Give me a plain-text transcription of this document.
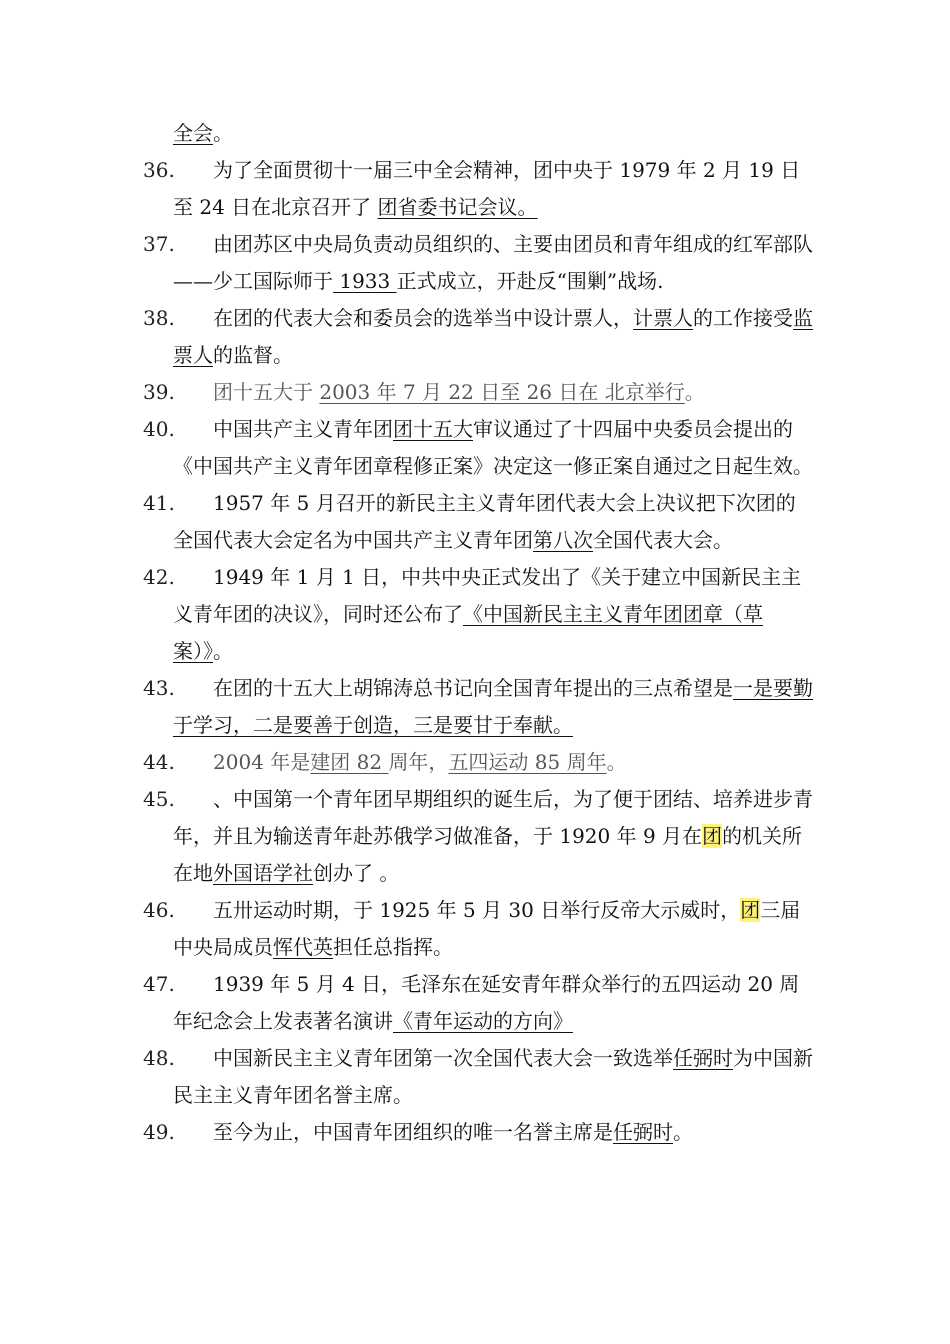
全会。
36.	为了全面贯彻十一届三中全会精神，团中央于 1979 年 2 月 19 日至 24 日在北京召开了 团省委书记会议。
37.	由团苏区中央局负责动员组织的、主要由团员和青年组成的红军部队——少工国际师于 1933 正式成立，开赴反“围剿”战场.
38.	在团的代表大会和委员会的选举当中设计票人，计票人的工作接受监票人的监督。
39.	团十五大于 2003 年 7 月 22 日至 26 日在 北京举行。
40.	中国共产主义青年团团十五大审议通过了十四届中央委员会提出的《中国共产主义青年团章程修正案》决定这一修正案自通过之日起生效。
41.	1957 年 5 月召开的新民主主义青年团代表大会上决议把下次团的全国代表大会定名为中国共产主义青年团第八次全国代表大会。
42.	1949 年 1 月 1 日，中共中央正式发出了《关于建立中国新民主主义青年团的决议》，同时还公布了《中国新民主主义青年团团章（草案）》。
43.	在团的十五大上胡锦涛总书记向全国青年提出的三点希望是一是要勤于学习，二是要善于创造，三是要甘于奉献。
44.	2004 年是建团 82 周年，五四运动 85 周年。
45.	、中国第一个青年团早期组织的诞生后，为了便于团结、培养进步青年，并且为输送青年赴苏俄学习做准备，于 1920 年 9 月在团的机关所在地外国语学社创办了 。
46.	五卅运动时期，于 1925 年 5 月 30 日举行反帝大示威时，团三届中央局成员恽代英担任总指挥。
47.	1939 年 5 月 4 日，毛泽东在延安青年群众举行的五四运动 20 周年纪念会上发表著名演讲《青年运动的方向》
48.	中国新民主主义青年团第一次全国代表大会一致选举任弼时为中国新民主主义青年团名誉主席。
49.	至今为止，中国青年团组织的唯一名誉主席是任弼时。
